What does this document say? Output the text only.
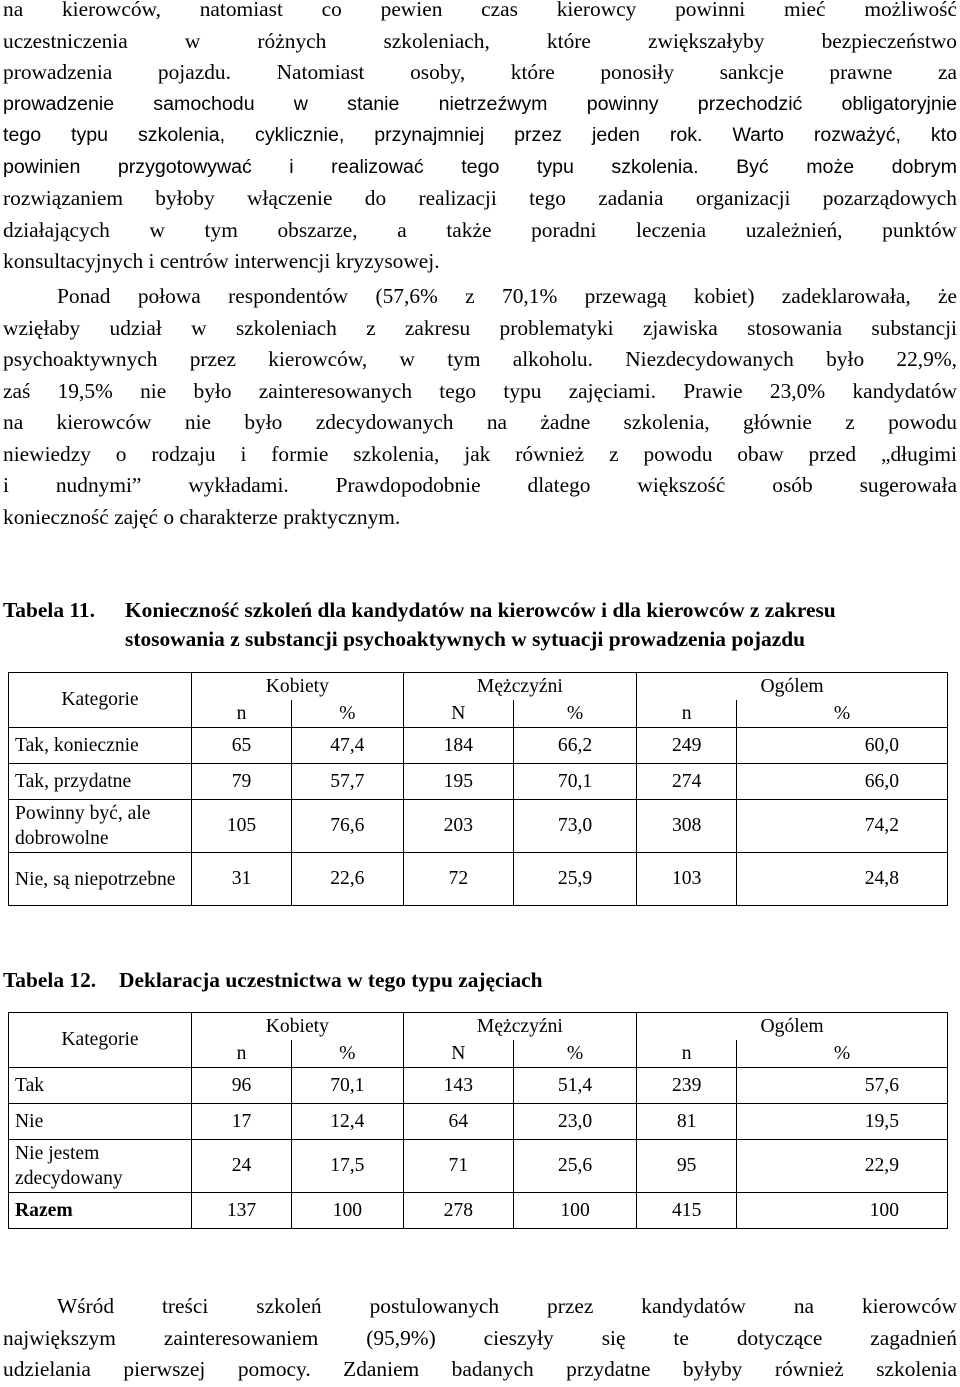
na kierowców, natomiast co pewien czas kierowcy powinni mieć możliwość
uczestniczenia w różnych szkoleniach, które zwiększałyby bezpieczeństwo
prowadzenia pojazdu. Natomiast osoby, które ponosiły sankcje prawne za
prowadzenie samochodu w stanie nietrzeźwym powinny przechodzić obligatoryjnie
tego typu szkolenia, cyklicznie, przynajmniej przez jeden rok. Warto rozważyć, kto
powinien przygotowywać i realizować tego typu szkolenia. Być może dobrym
rozwiązaniem byłoby włączenie do realizacji tego zadania organizacji pozarządowych
działających w tym obszarze, a także poradni leczenia uzależnień, punktów
konsultacyjnych i centrów interwencji kryzysowej.
Ponad połowa respondentów (57,6% z 70,1% przewagą kobiet) zadeklarowała, że
wzięłaby udział w szkoleniach z zakresu problematyki zjawiska stosowania substancji
psychoaktywnych przez kierowców, w tym alkoholu. Niezdecydowanych było 22,9%,
zaś 19,5% nie było zainteresowanych tego typu zajęciami. Prawie 23,0% kandydatów
na kierowców nie było zdecydowanych na żadne szkolenia, głównie z powodu
niewiedzy o rodzaju i formie szkolenia, jak również z powodu obaw przed „długimi
i nudnymi” wykładami. Prawdopodobnie dlatego większość osób sugerowała
konieczność zajęć o charakterze praktycznym.
Tabela 11. Konieczność szkoleń dla kandydatów na kierowców i dla kierowców z zakresu
stosowania z substancji psychoaktywnych w sytuacji prowadzenia pojazdu
Kategorie	Kobiety		Mężczyźni		Ogólem	
	n	%	N	%	n	%
Tak, koniecznie	65	47,4	184	66,2	249	60,0
Tak, przydatne	79	57,7	195	70,1	274	66,0
Powinny być, ale dobrowolne	105	76,6	203	73,0	308	74,2
Nie, są niepotrzebne	31	22,6	72	25,9	103	24,8
Tabela 12. Deklaracja uczestnictwa w tego typu zajęciach
Kategorie	Kobiety		Mężczyźni		Ogólem	
	n	%	N	%	n	%
Tak	96	70,1	143	51,4	239	57,6
Nie	17	12,4	64	23,0	81	19,5
Nie jestem zdecydowany	24	17,5	71	25,6	95	22,9
Razem	137	100	278	100	415	100
Wśród treści szkoleń postulowanych przez kandydatów na kierowców
największym zainteresowaniem (95,9%) cieszyły się te dotyczące zagadnień
udzielania pierwszej pomocy. Zdaniem badanych przydatne byłyby również szkolenia
